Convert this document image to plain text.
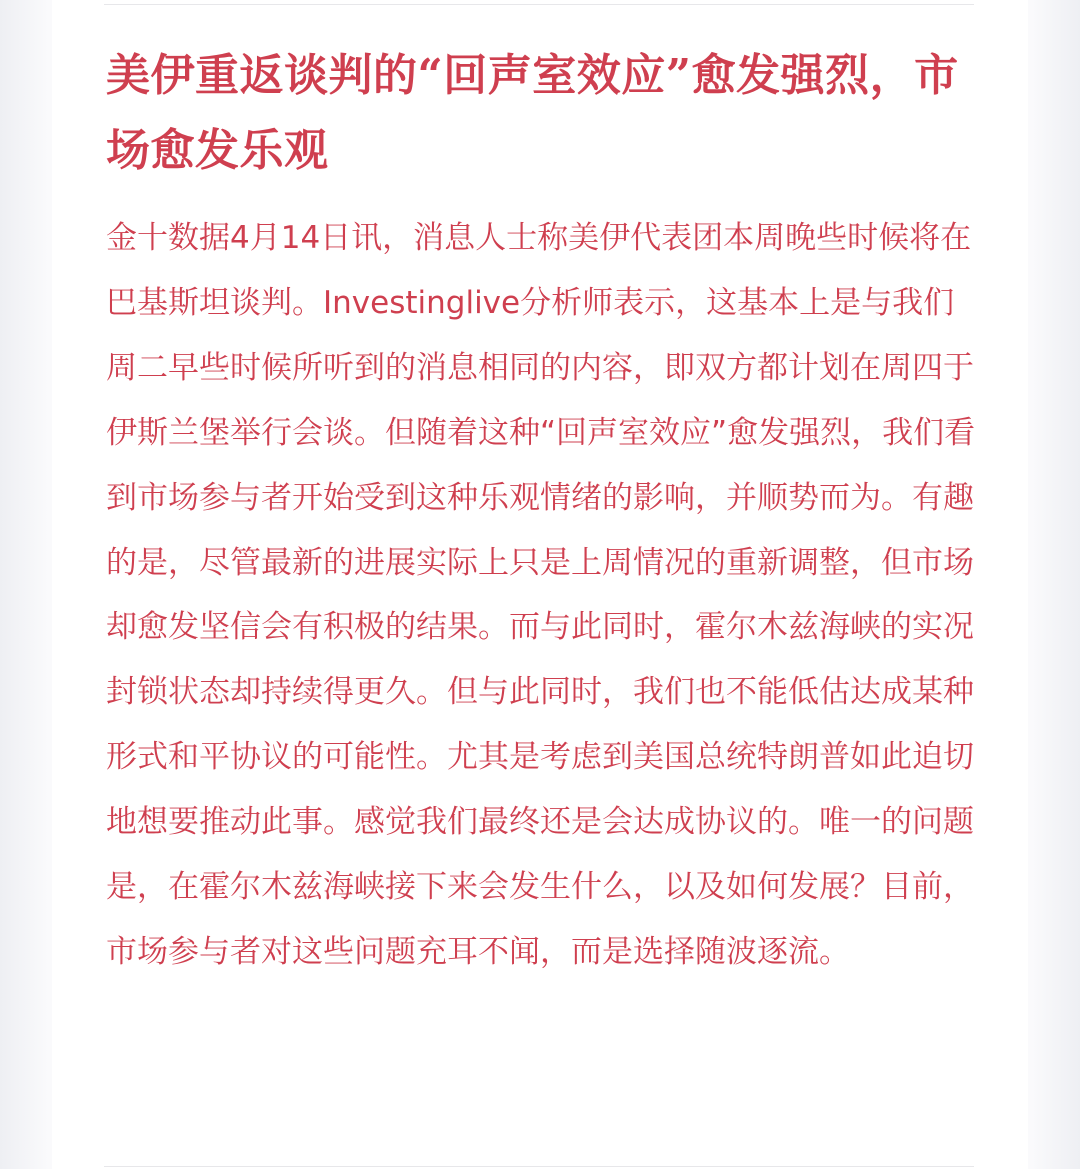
美伊重返谈判的“回声室效应”愈发强烈，市场愈发乐观

金十数据4月14日讯，消息人士称美伊代表团本周晚些时候将在巴基斯坦谈判。Investinglive分析师表示，这基本上是与我们周二早些时候所听到的消息相同的内容，即双方都计划在周四于伊斯兰堡举行会谈。但随着这种“回声室效应”愈发强烈，我们看到市场参与者开始受到这种乐观情绪的影响，并顺势而为。有趣的是，尽管最新的进展实际上只是上周情况的重新调整，但市场却愈发坚信会有积极的结果。而与此同时，霍尔木兹海峡的实况封锁状态却持续得更久。但与此同时，我们也不能低估达成某种形式和平协议的可能性。尤其是考虑到美国总统特朗普如此迫切地想要推动此事。感觉我们最终还是会达成协议的。唯一的问题是，在霍尔木兹海峡接下来会发生什么，以及如何发展？目前，市场参与者对这些问题充耳不闻，而是选择随波逐流。
